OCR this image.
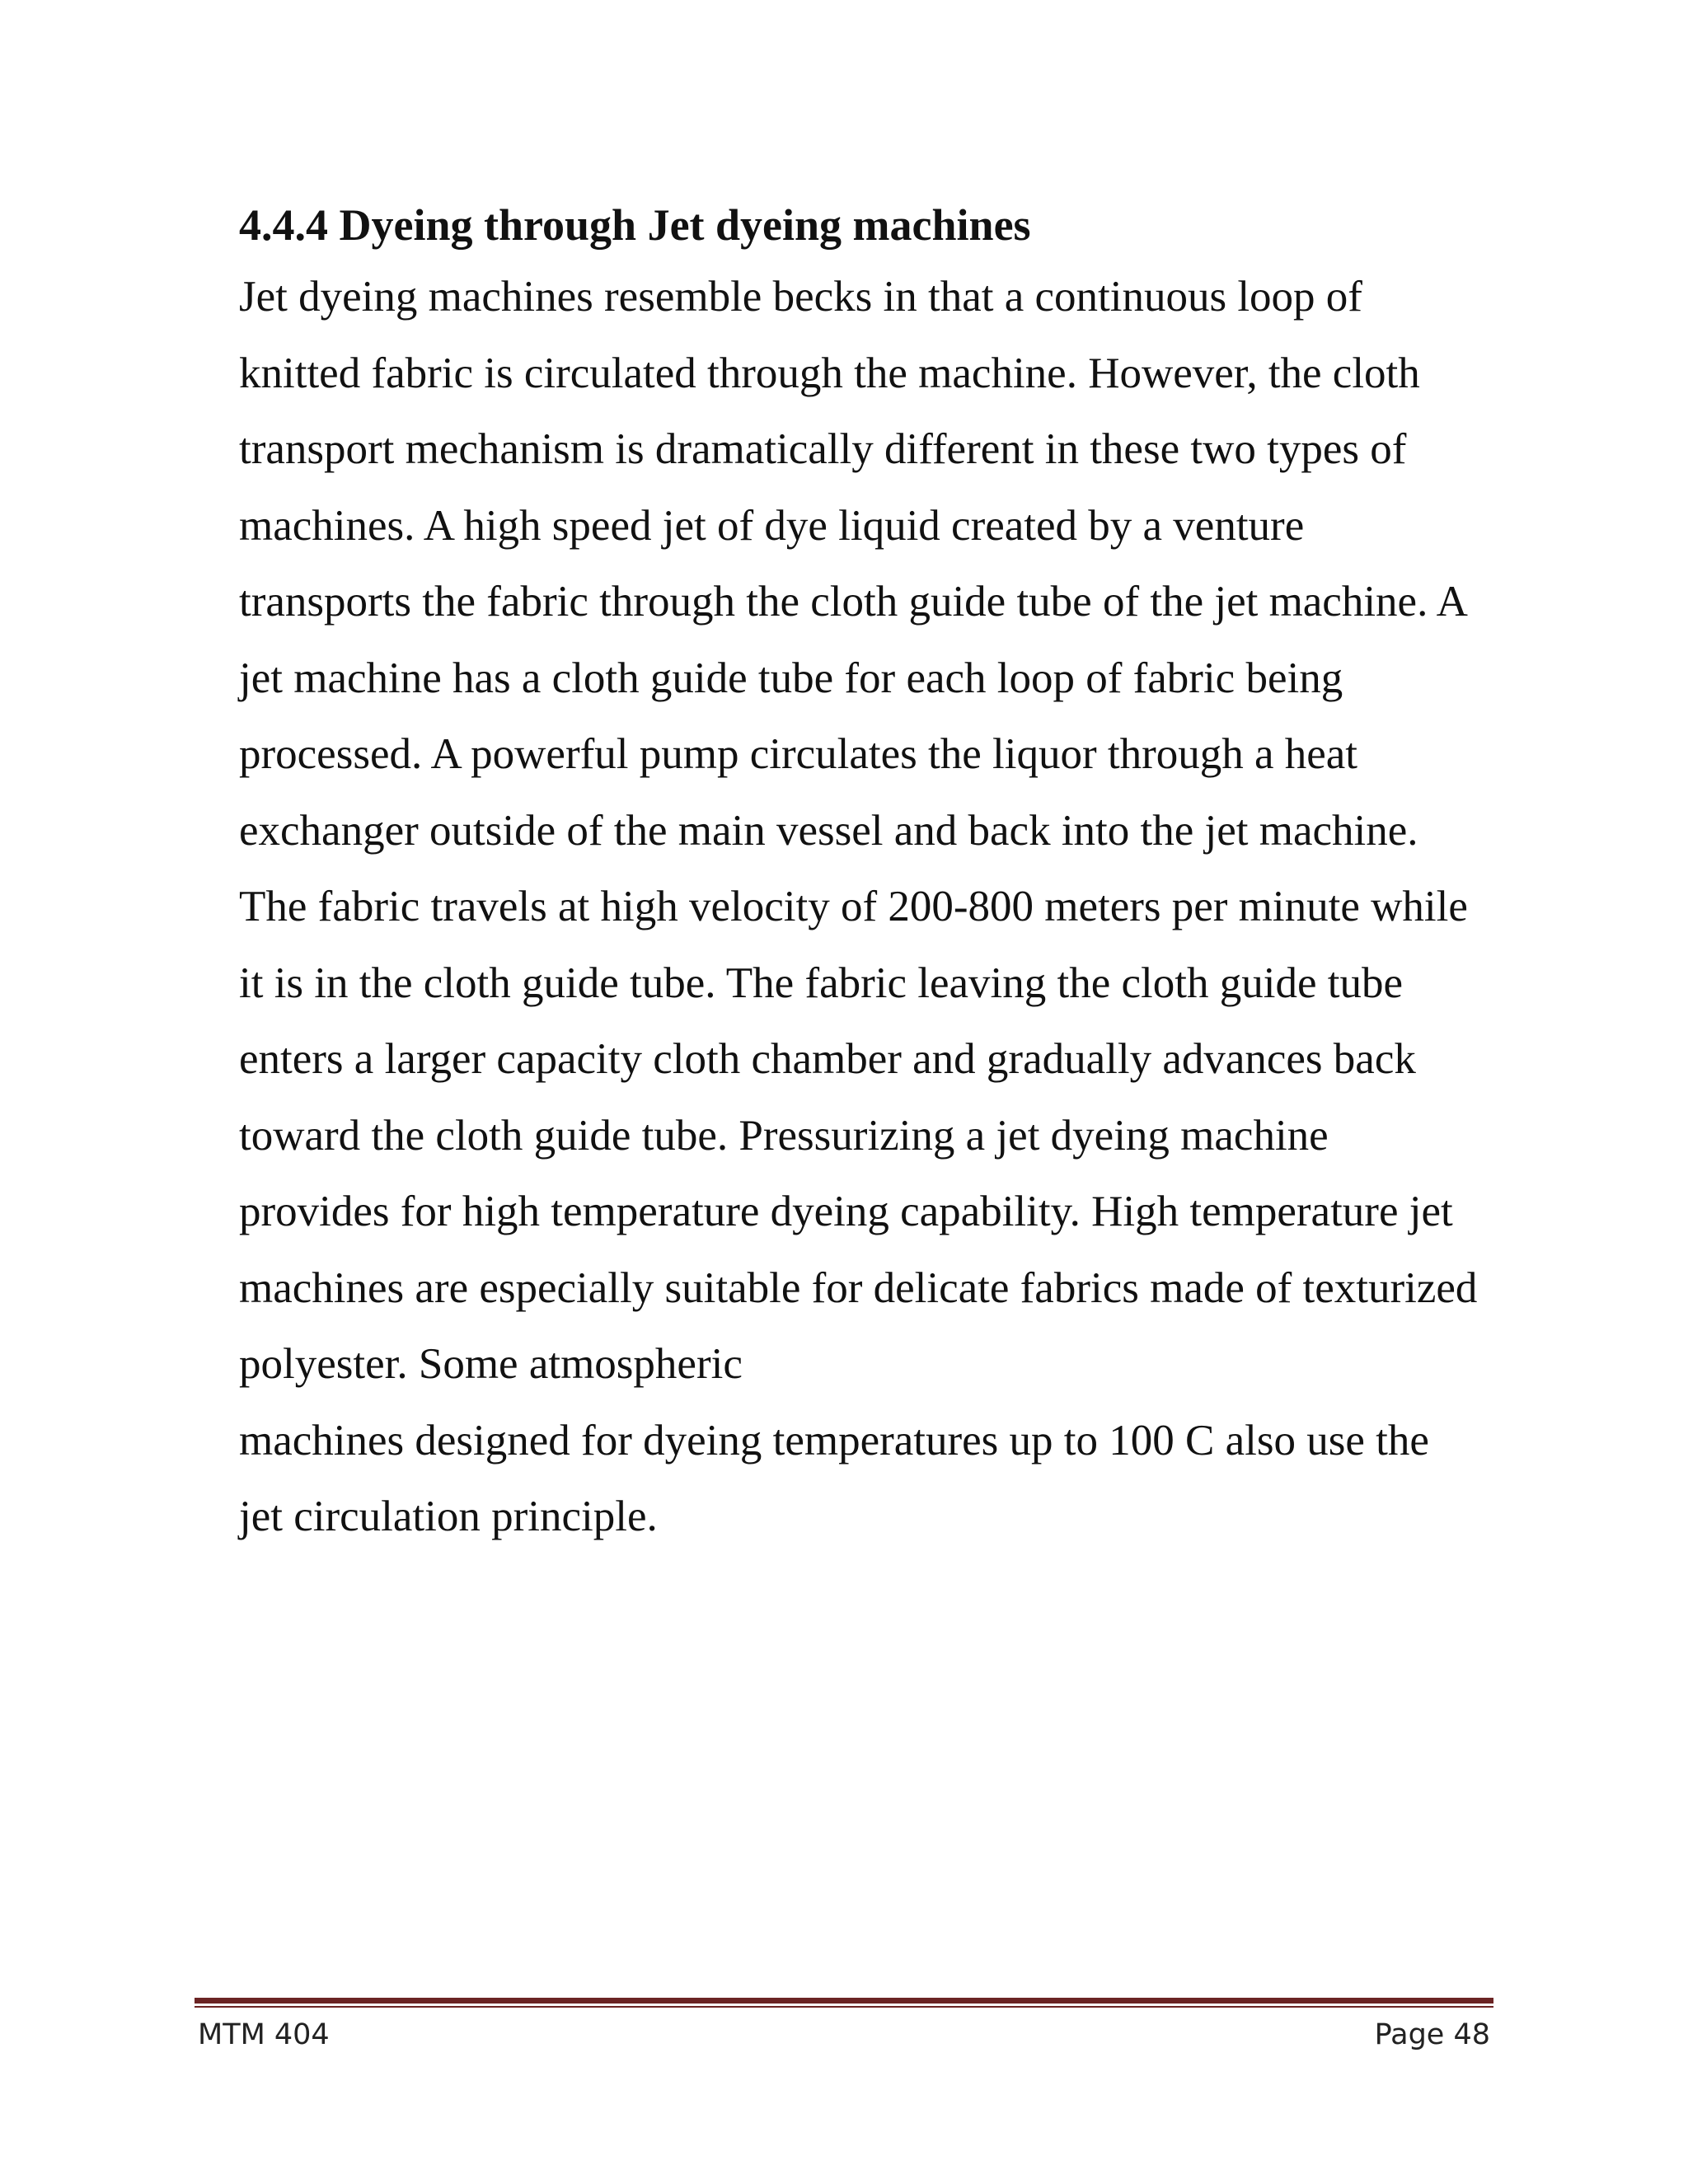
4.4.4 Dyeing through Jet dyeing machines
Jet dyeing machines resemble becks in that a continuous loop of
knitted fabric is circulated through the machine. However, the cloth
transport mechanism is dramatically different in these two types of
machines. A high speed jet of dye liquid created by a venture
transports the fabric through the cloth guide tube of the jet machine. A
jet machine has a cloth guide tube for each loop of fabric being
processed. A powerful pump circulates the liquor through a heat
exchanger outside of the main vessel and back into the jet machine.
The fabric travels at high velocity of 200-800 meters per minute while
it is in the cloth guide tube. The fabric leaving the cloth guide tube
enters a larger capacity cloth chamber and gradually advances back
toward the cloth guide tube. Pressurizing a jet dyeing machine
provides for high temperature dyeing capability. High temperature jet
machines are especially suitable for delicate fabrics made of texturized
polyester. Some atmospheric
machines designed for dyeing temperatures up to 100 C also use the
jet circulation principle.
MTM 404	Page 48
